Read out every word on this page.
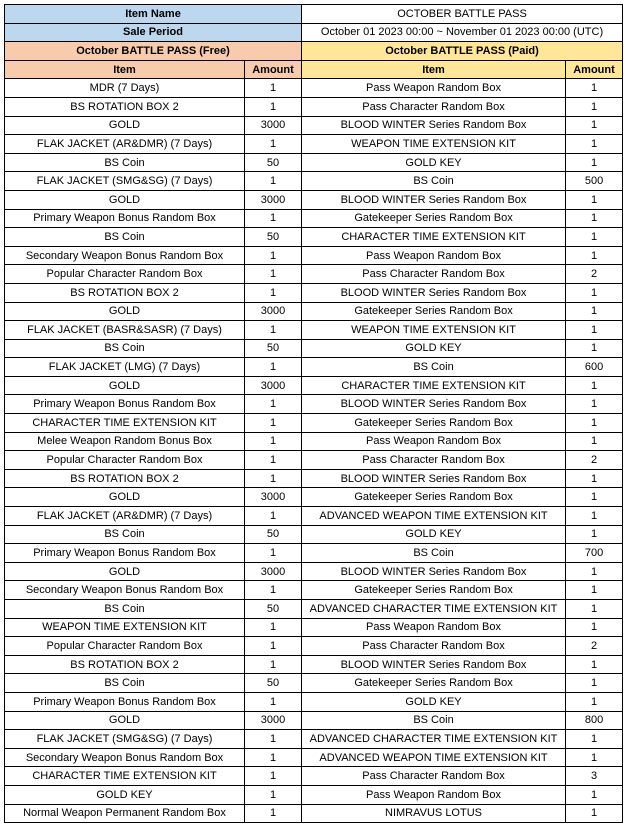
Item Name		OCTOBER BATTLE PASS	
Sale Period		October 01 2023 00:00 ~ November 01 2023 00:00 (UTC)	
October BATTLE PASS (Free)		October BATTLE PASS (Paid)	
Item	Amount	Item	Amount
MDR (7 Days)	1	Pass Weapon Random Box	1
BS ROTATION BOX 2	1	Pass Character Random Box	1
GOLD	3000	BLOOD WINTER Series Random Box	1
FLAK JACKET (AR&DMR) (7 Days)	1	WEAPON TIME EXTENSION KIT	1
BS Coin	50	GOLD KEY	1
FLAK JACKET (SMG&SG) (7 Days)	1	BS Coin	500
GOLD	3000	BLOOD WINTER Series Random Box	1
Primary Weapon Bonus Random Box	1	Gatekeeper Series Random Box	1
BS Coin	50	CHARACTER TIME EXTENSION KIT	1
Secondary Weapon Bonus Random Box	1	Pass Weapon Random Box	1
Popular Character Random Box	1	Pass Character Random Box	2
BS ROTATION BOX 2	1	BLOOD WINTER Series Random Box	1
GOLD	3000	Gatekeeper Series Random Box	1
FLAK JACKET (BASR&SASR) (7 Days)	1	WEAPON TIME EXTENSION KIT	1
BS Coin	50	GOLD KEY	1
FLAK JACKET (LMG) (7 Days)	1	BS Coin	600
GOLD	3000	CHARACTER TIME EXTENSION KIT	1
Primary Weapon Bonus Random Box	1	BLOOD WINTER Series Random Box	1
CHARACTER TIME EXTENSION KIT	1	Gatekeeper Series Random Box	1
Melee Weapon Random Bonus Box	1	Pass Weapon Random Box	1
Popular Character Random Box	1	Pass Character Random Box	2
BS ROTATION BOX 2	1	BLOOD WINTER Series Random Box	1
GOLD	3000	Gatekeeper Series Random Box	1
FLAK JACKET (AR&DMR) (7 Days)	1	ADVANCED WEAPON TIME EXTENSION KIT	1
BS Coin	50	GOLD KEY	1
Primary Weapon Bonus Random Box	1	BS Coin	700
GOLD	3000	BLOOD WINTER Series Random Box	1
Secondary Weapon Bonus Random Box	1	Gatekeeper Series Random Box	1
BS Coin	50	ADVANCED CHARACTER TIME EXTENSION KIT	1
WEAPON TIME EXTENSION KIT	1	Pass Weapon Random Box	1
Popular Character Random Box	1	Pass Character Random Box	2
BS ROTATION BOX 2	1	BLOOD WINTER Series Random Box	1
BS Coin	50	Gatekeeper Series Random Box	1
Primary Weapon Bonus Random Box	1	GOLD KEY	1
GOLD	3000	BS Coin	800
FLAK JACKET (SMG&SG) (7 Days)	1	ADVANCED CHARACTER TIME EXTENSION KIT	1
Secondary Weapon Bonus Random Box	1	ADVANCED WEAPON TIME EXTENSION KIT	1
CHARACTER TIME EXTENSION KIT	1	Pass Character Random Box	3
GOLD KEY	1	Pass Weapon Random Box	1
Normal Weapon Permanent Random Box	1	NIMRAVUS LOTUS	1
